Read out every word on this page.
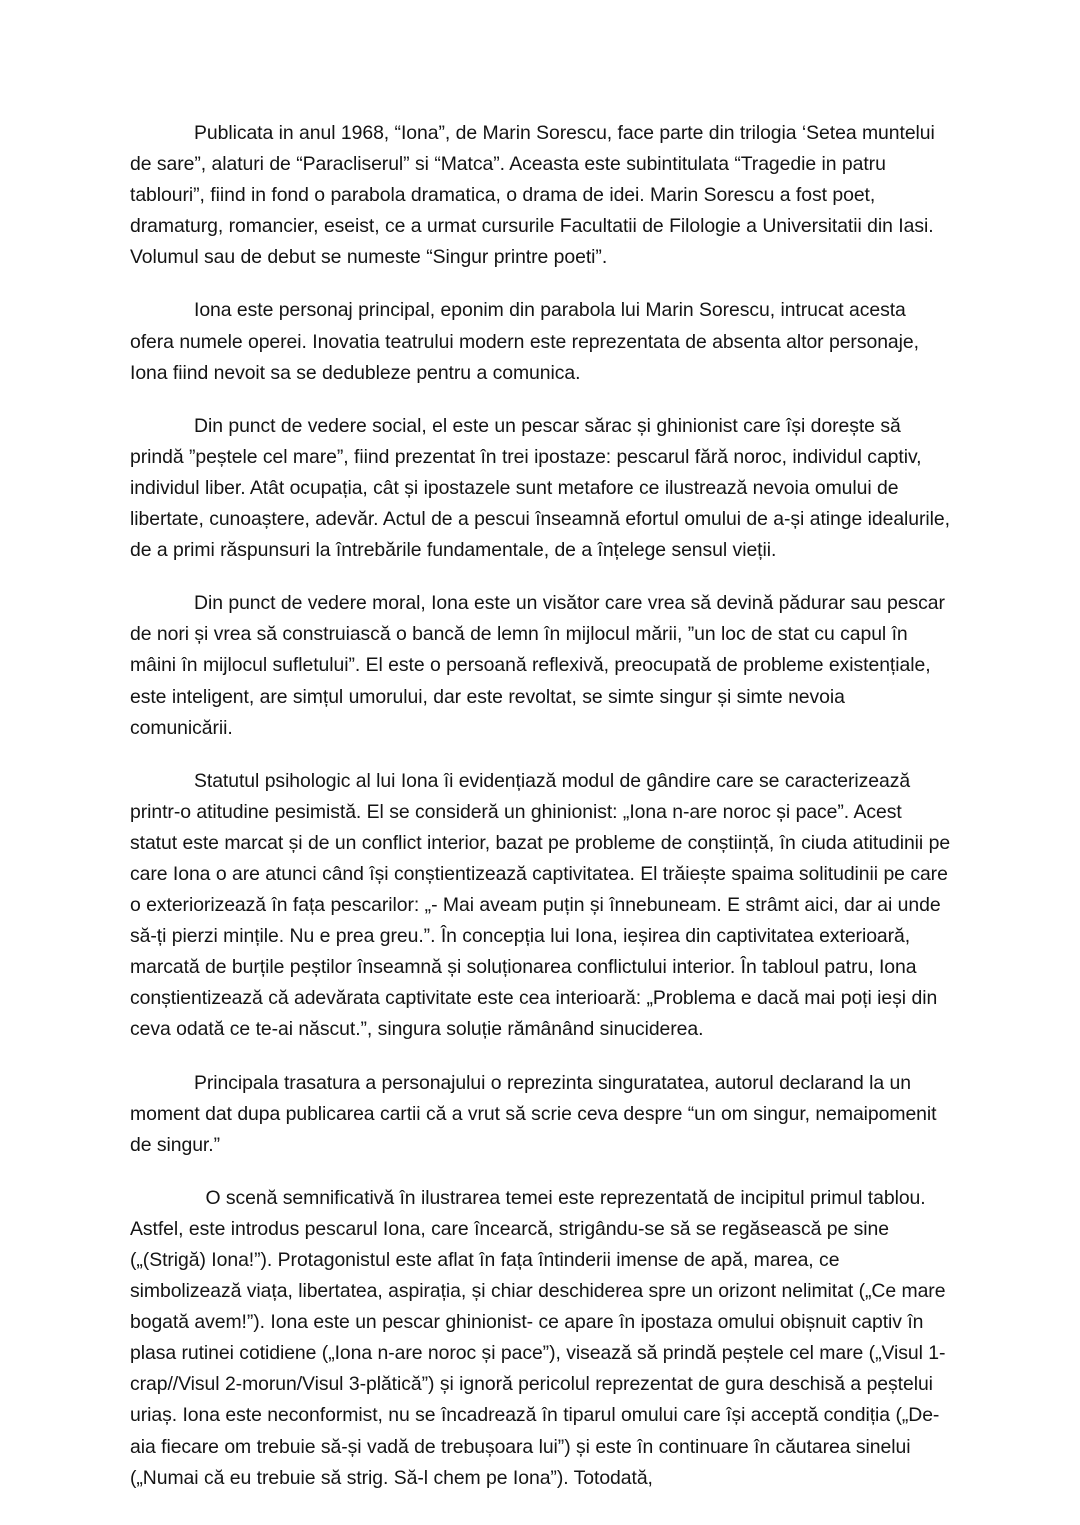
Publicata in anul 1968, “Iona”, de Marin Sorescu, face parte din trilogia ‘Setea muntelui de sare”, alaturi de “Paracliserul” si “Matca”. Aceasta este subintitulata “Tragedie in patru tablouri”, fiind in fond o parabola dramatica, o drama de idei. Marin Sorescu a fost poet, dramaturg, romancier, eseist, ce a urmat cursurile Facultatii de Filologie a Universitatii din Iasi. Volumul sau de debut se numeste “Singur printre poeti”.

Iona este personaj principal, eponim din parabola lui Marin Sorescu, intrucat acesta ofera numele operei. Inovatia teatrului modern este reprezentata de absenta altor personaje, Iona fiind nevoit sa se dedubleze pentru a comunica.

Din punct de vedere social, el este un pescar sărac și ghinionist care își dorește să prindă ”peștele cel mare”, fiind prezentat în trei ipostaze: pescarul fără noroc, individul captiv, individul liber. Atât ocupația, cât și ipostazele sunt metafore ce ilustrează nevoia omului de libertate, cunoaștere, adevăr. Actul de a pescui înseamnă efortul omului de a-și atinge idealurile, de a primi răspunsuri la întrebările fundamentale, de a înțelege sensul vieții.

Din punct de vedere moral, Iona este un visător care vrea să devină pădurar sau pescar de nori și vrea să construiască o bancă de lemn în mijlocul mării, ”un loc de stat cu capul în mâini în mijlocul sufletului”. El este o persoană reflexivă, preocupată de probleme existențiale, este inteligent, are simțul umorului, dar este revoltat, se simte singur și simte nevoia comunicării.

Statutul psihologic al lui Iona îi evidențiază modul de gândire care se caracterizează printr-o atitudine pesimistă. El se consideră un ghinionist: „Iona n-are noroc și pace”. Acest statut este marcat și de un conflict interior, bazat pe probleme de conștiință, în ciuda atitudinii pe care Iona o are atunci când își conștientizează captivitatea. El trăiește spaima solitudinii pe care o exteriorizează în fața pescarilor: „- Mai aveam puțin și înnebuneam. E strâmt aici, dar ai unde să-ți pierzi mințile. Nu e prea greu.”. În concepția lui Iona, ieșirea din captivitatea exterioară, marcată de burțile peștilor înseamnă și soluționarea conflictului interior. În tabloul patru, Iona conștientizează că adevărata captivitate este cea interioară: „Problema e dacă mai poți ieși din ceva odată ce te-ai născut.”, singura soluție rămânând sinuciderea.

Principala trasatura a personajului o reprezinta singuratatea, autorul declarand la un moment dat dupa publicarea cartii că a vrut să scrie ceva despre “un om singur, nemaipomenit de singur.”

O scenă semnificativă în ilustrarea temei este reprezentată de incipitul primul tablou. Astfel, este introdus pescarul Iona, care încearcă, strigându-se să se regăsească pe sine („(Strigă) Iona!”). Protagonistul este aflat în fața întinderii imense de apă, marea, ce simbolizează viața, libertatea, aspirația, și chiar deschiderea spre un orizont nelimitat („Ce mare bogată avem!”). Iona este un pescar ghinionist- ce apare în ipostaza omului obișnuit captiv în plasa rutinei cotidiene („Iona n-are noroc și pace”), visează să prindă peștele cel mare („Visul 1-crap//Visul 2-morun/Visul 3-plătică”) și ignoră pericolul reprezentat de gura deschisă a peștelui uriaș. Iona este neconformist, nu se încadrează în tiparul omului care își acceptă condiția („De-aia fiecare om trebuie să-și vadă de trebușoara lui”) și este în continuare în căutarea sinelui („Numai că eu trebuie să strig. Să-l chem pe Iona”). Totodată,
